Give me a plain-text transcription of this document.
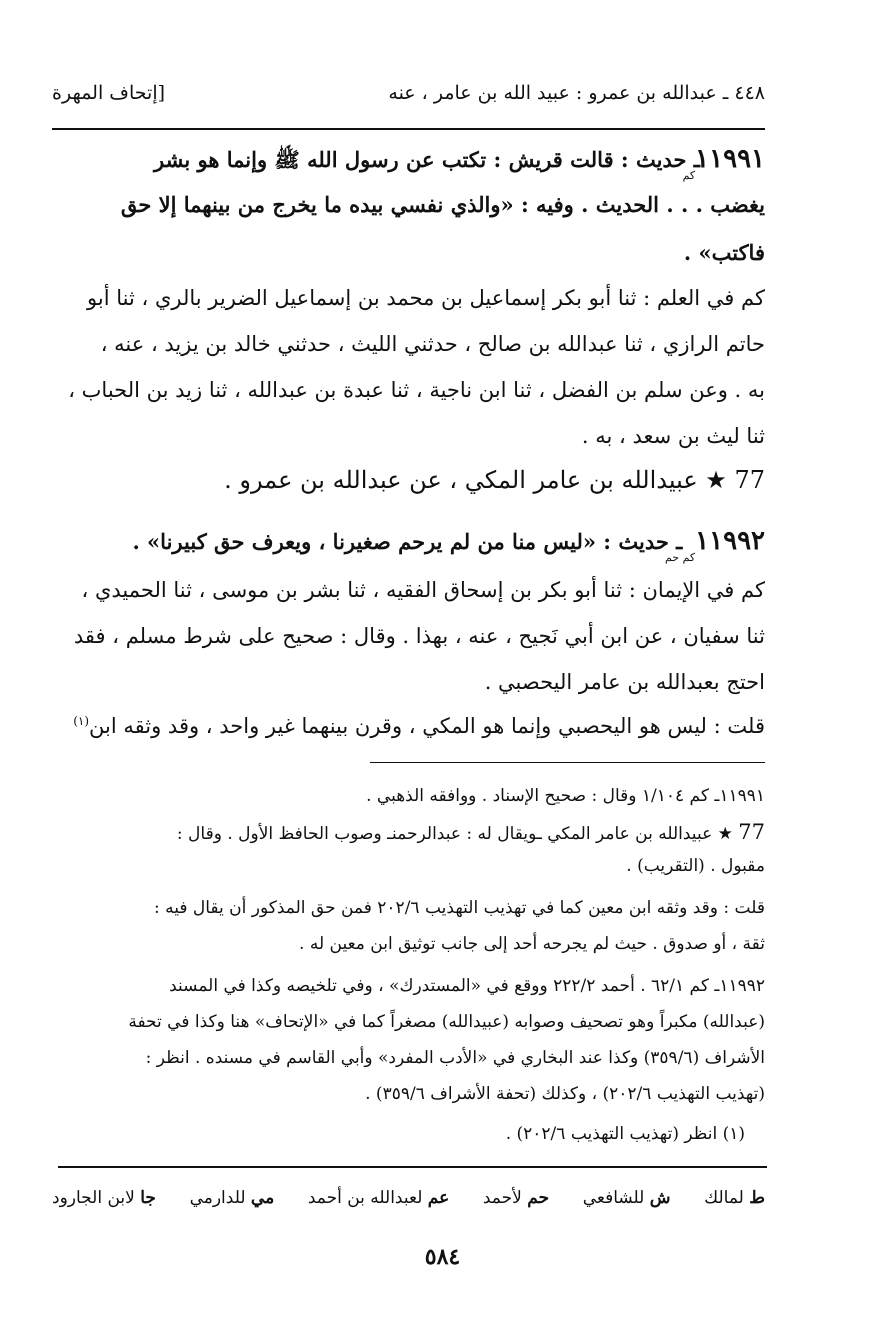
٤٤٨ ـ عبدالله بن عمرو : عبيد الله بن عامر ، عنه
[إتحاف المهرة
$١١٩٩١_{كم}$ ـ حديث : قالت قريش : تكتب عن رسول الله ﷺ وإنما هو بشر
يغضب . . . الحديث . وفيه : «والذي نفسي بيده ما يخرج من بينهما إلا حق
فاكتب» .
كم في العلم : ثنا أبو بكر إسماعيل بن محمد بن إسماعيل الضرير بالري ، ثنا أبو
حاتم الرازي ، ثنا عبدالله بن صالح ، حدثني الليث ، حدثني خالد بن يزيد ، عنه ،
به . وعن سلم بن الفضل ، ثنا ابن ناجية ، ثنا عبدة بن عبدالله ، ثنا زيد بن الحباب ،
ثنا ليث بن سعد ، به .
77 ★ عبيدالله بن عامر المكي ، عن عبدالله بن عمرو .
$١١٩٩٢_{كم حم}$ ـ حديث : «ليس منا من لم يرحم صغيرنا ، ويعرف حق كبيرنا» .
كم في الإيمان : ثنا أبو بكر بن إسحاق الفقيه ، ثنا بشر بن موسى ، ثنا الحميدي ،
ثنا سفيان ، عن ابن أبي نَجيح ، عنه ، بهذا . وقال : صحيح على شرط مسلم ، فقد
احتج بعبدالله بن عامر اليحصبي .
قلت : ليس هو اليحصبي وإنما هو المكي ، وقرن بينهما غير واحد ، وقد وثقه ابن$^{(١)}$
١١٩٩١ـ كم ١/١٠٤ وقال : صحيح الإسناد . ووافقه الذهبي .
77 ★ عبيدالله بن عامر المكي ـويقال له : عبدالرحمنـ وصوب الحافظ الأول . وقال :
مقبول . (التقريب) .
قلت : وقد وثقه ابن معين كما في تهذيب التهذيب ٢٠٢/٦ فمن حق المذكور أن يقال فيه :
ثقة ، أو صدوق . حيث لم يجرحه أحد إلى جانب توثيق ابن معين له .
١١٩٩٢ـ كم ٦٢/١ . أحمد ٢٢٢/٢ ووقع في «المستدرك» ، وفي تلخيصه وكذا في المسند
(عبدالله) مكبراً وهو تصحيف وصوابه (عبيدالله) مصغراً كما في «الإتحاف» هنا وكذا في تحفة
الأشراف (٣٥٩/٦) وكذا عند البخاري في «الأدب المفرد» وأبي القاسم في مسنده . انظر :
(تهذيب التهذيب ٢٠٢/٦) ، وكذلك (تحفة الأشراف ٣٥٩/٦) .
(١) انظر (تهذيب التهذيب ٢٠٢/٦) .
ط لمالك
ش للشافعي
حم لأحمد
عم لعبدالله بن أحمد
مي للدارمي
جا لابن الجارود
٥٨٤
